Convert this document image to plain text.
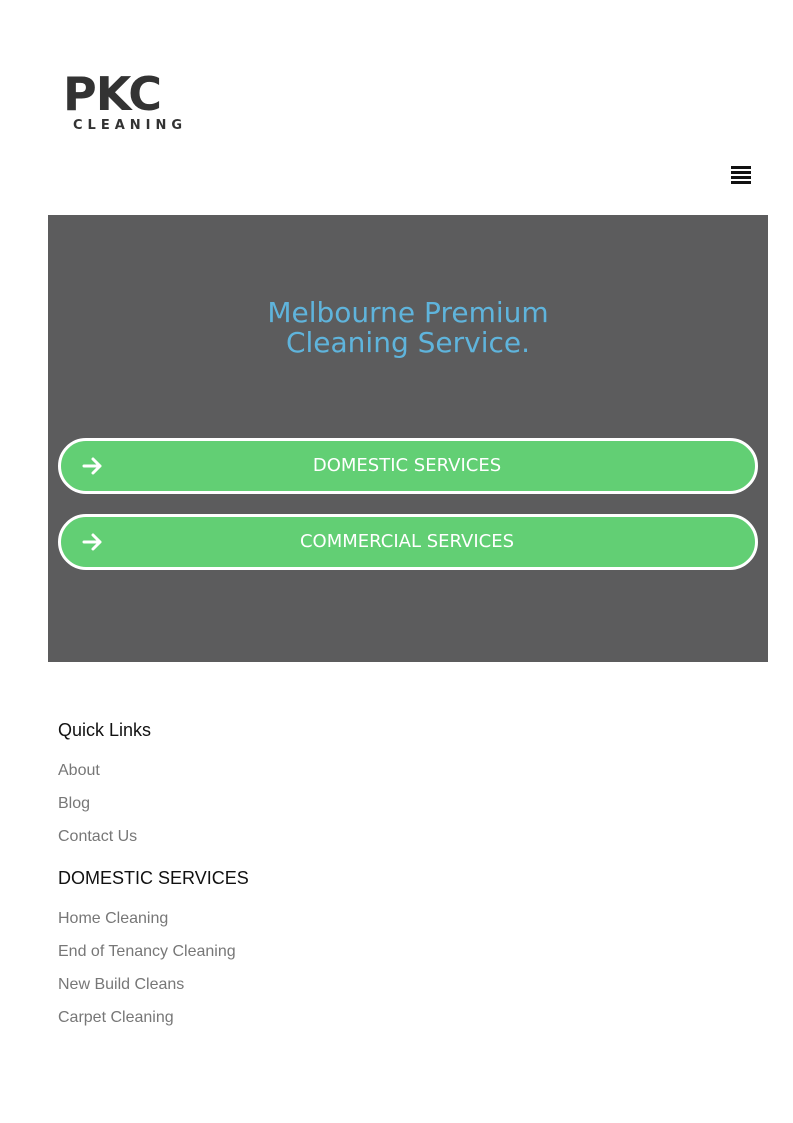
PKC
CLEANING
Melbourne Premium
Cleaning Service.
DOMESTIC SERVICES
COMMERCIAL SERVICES
Quick Links
About
Blog
Contact Us
DOMESTIC SERVICES
Home Cleaning
End of Tenancy Cleaning
New Build Cleans
Carpet Cleaning
